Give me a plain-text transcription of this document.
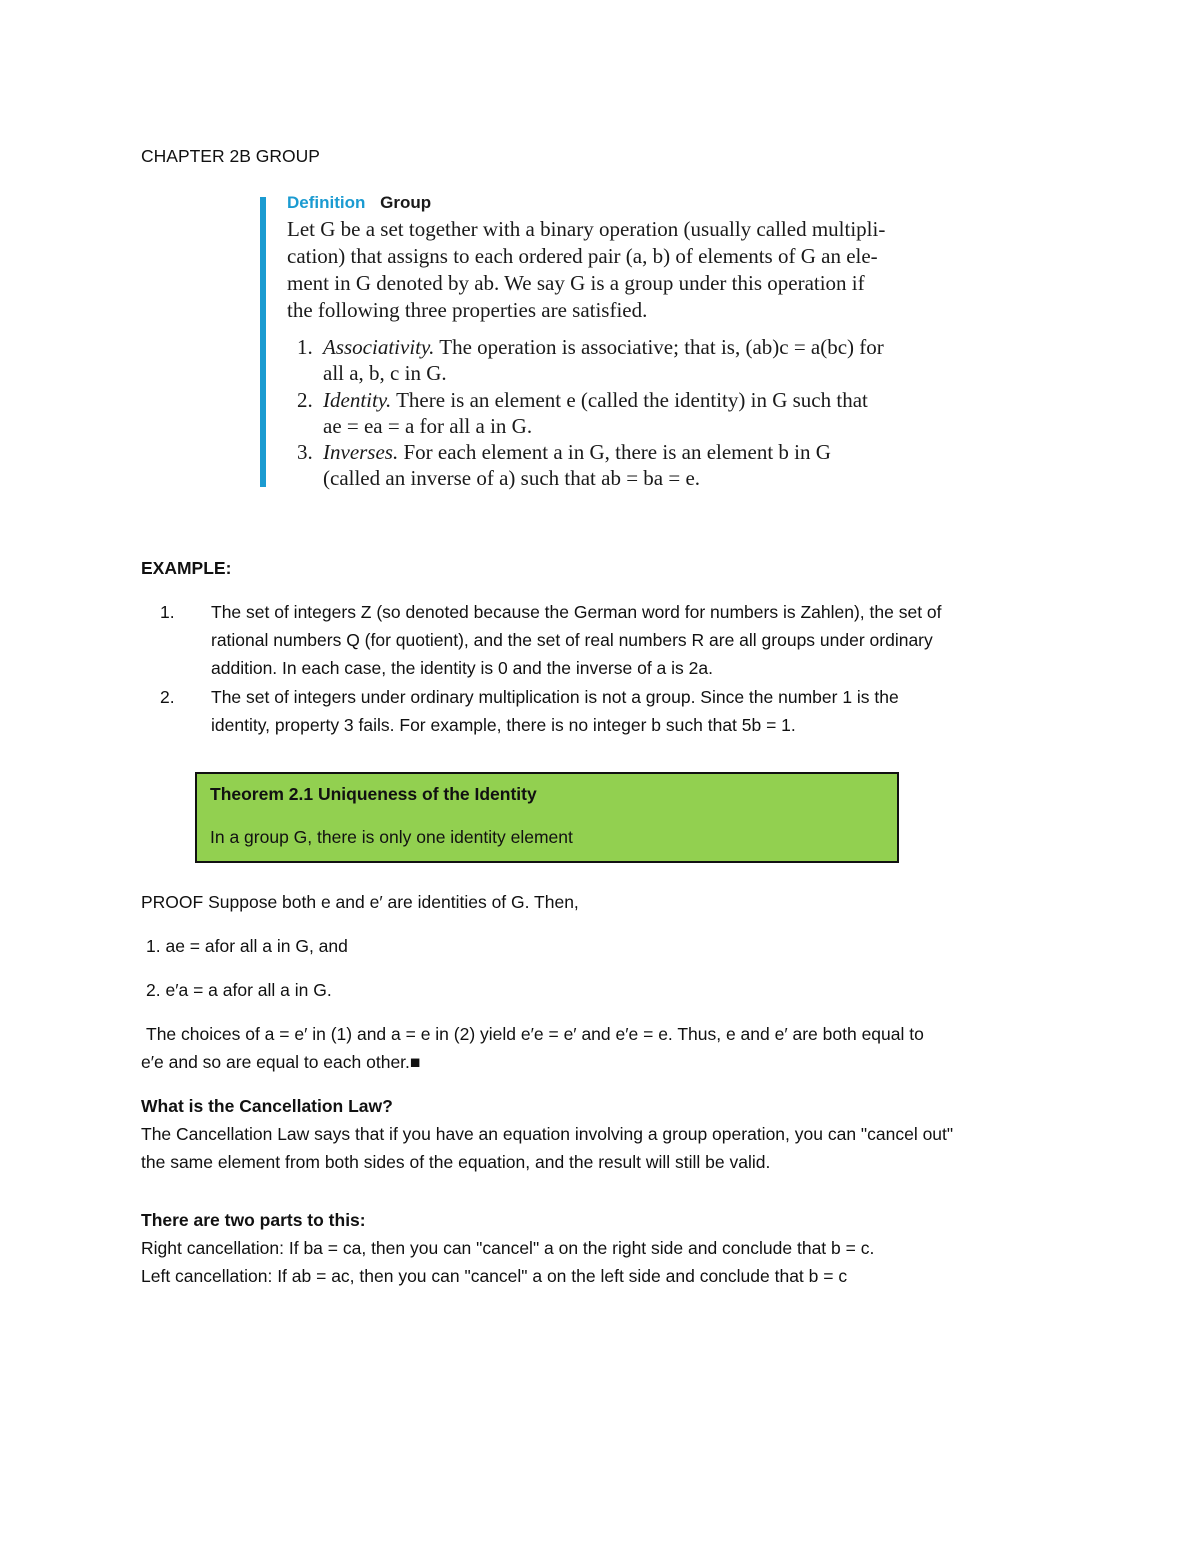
CHAPTER 2B GROUP
Definition Group
Let G be a set together with a binary operation (usually called multipli-
cation) that assigns to each ordered pair (a, b) of elements of G an ele-
ment in G denoted by ab. We say G is a group under this operation if
the following three properties are satisfied.
1. Associativity. The operation is associative; that is, (ab)c = a(bc) for
all a, b, c in G.
2. Identity. There is an element e (called the identity) in G such that
ae = ea = a for all a in G.
3. Inverses. For each element a in G, there is an element b in G
(called an inverse of a) such that ab = ba = e.
EXAMPLE:
1. The set of integers Z (so denoted because the German word for numbers is Zahlen), the set of
rational numbers Q (for quotient), and the set of real numbers R are all groups under ordinary
addition. In each case, the identity is 0 and the inverse of a is 2a.
2. The set of integers under ordinary multiplication is not a group. Since the number 1 is the
identity, property 3 fails. For example, there is no integer b such that 5b = 1.
Theorem 2.1 Uniqueness of the Identity
In a group G, there is only one identity element
PROOF Suppose both e and e′ are identities of G. Then,
1. ae = afor all a in G, and
2. e′a = a afor all a in G.
The choices of a = e′ in (1) and a = e in (2) yield e′e = e′ and e′e = e. Thus, e and e′ are both equal to
e′e and so are equal to each other.■
What is the Cancellation Law?
The Cancellation Law says that if you have an equation involving a group operation, you can "cancel out"
the same element from both sides of the equation, and the result will still be valid.
There are two parts to this:
Right cancellation: If ba = ca, then you can "cancel" a on the right side and conclude that b = c.
Left cancellation: If ab = ac, then you can "cancel" a on the left side and conclude that b = c
